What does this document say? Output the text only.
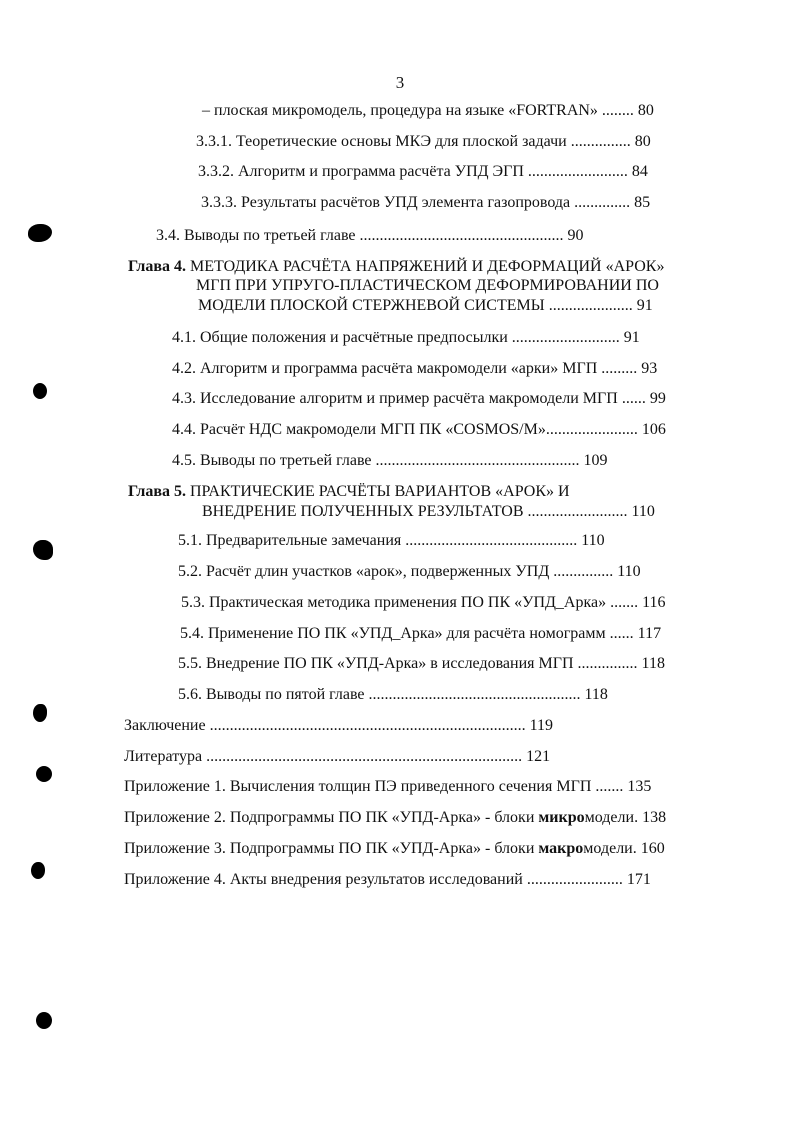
3
– плоская микромодель, процедура на языке «FORTRAN» ........ 80
3.3.1. Теоретические основы МКЭ для плоской задачи ............... 80
3.3.2. Алгоритм и программа расчёта УПД ЭГП ......................... 84
3.3.3. Результаты расчётов УПД элемента газопровода .............. 85
3.4. Выводы по третьей главе ................................................... 90
Глава 4. МЕТОДИКА РАСЧЁТА НАПРЯЖЕНИЙ И ДЕФОРМАЦИЙ «АРОК»
МГП ПРИ УПРУГО-ПЛАСТИЧЕСКОМ ДЕФОРМИРОВАНИИ ПО
МОДЕЛИ ПЛОСКОЙ СТЕРЖНЕВОЙ СИСТЕМЫ ..................... 91
4.1. Общие положения и расчётные предпосылки ........................... 91
4.2. Алгоритм и программа расчёта макромодели «арки» МГП ......... 93
4.3. Исследование алгоритм и пример расчёта макромодели МГП ...... 99
4.4. Расчёт НДС макромодели МГП ПК «COSMOS/M»....................... 106
4.5. Выводы по третьей главе ................................................... 109
Глава 5. ПРАКТИЧЕСКИЕ РАСЧЁТЫ ВАРИАНТОВ «АРОК» И
ВНЕДРЕНИЕ ПОЛУЧЕННЫХ РЕЗУЛЬТАТОВ ......................... 110
5.1. Предварительные замечания ........................................... 110
5.2. Расчёт длин участков «арок», подверженных УПД ............... 110
5.3. Практическая методика применения ПО ПК «УПД_Арка» ....... 116
5.4. Применение ПО ПК «УПД_Арка» для расчёта номограмм ...... 117
5.5. Внедрение ПО ПК «УПД-Арка» в исследования МГП ............... 118
5.6. Выводы по пятой главе ..................................................... 118
Заключение ............................................................................... 119
Литература ............................................................................... 121
Приложение 1. Вычисления толщин ПЭ приведенного сечения МГП ....... 135
Приложение 2. Подпрограммы ПО ПК «УПД-Арка» - блоки микромодели. 138
Приложение 3. Подпрограммы ПО ПК «УПД-Арка» - блоки макромодели. 160
Приложение 4. Акты внедрения результатов исследований ........................ 171
